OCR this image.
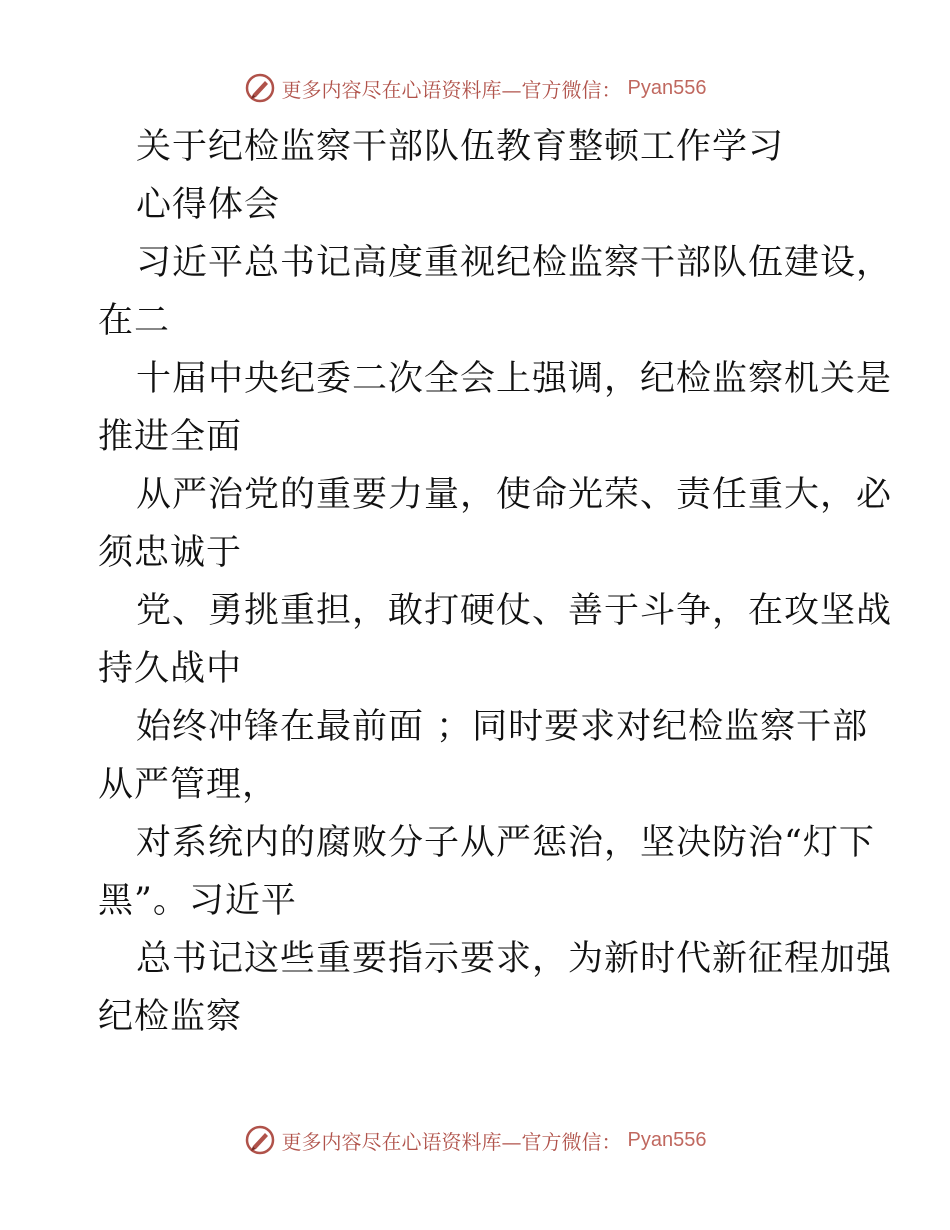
更多内容尽在心语资料库—官方微信： Pyan556
关于纪检监察干部队伍教育整顿工作学习
心得体会
习近平总书记高度重视纪检监察干部队伍建设，
在二
十届中央纪委二次全会上强调，纪检监察机关是
推进全面
从严治党的重要力量，使命光荣、责任重大，必
须忠诚于
党、勇挑重担，敢打硬仗、善于斗争，在攻坚战
持久战中
始终冲锋在最前面 ；同时要求对纪检监察干部
从严管理，
对系统内的腐败分子从严惩治，坚决防治“灯下
黑”。习近平
总书记这些重要指示要求，为新时代新征程加强
纪检监察
更多内容尽在心语资料库—官方微信： Pyan556
